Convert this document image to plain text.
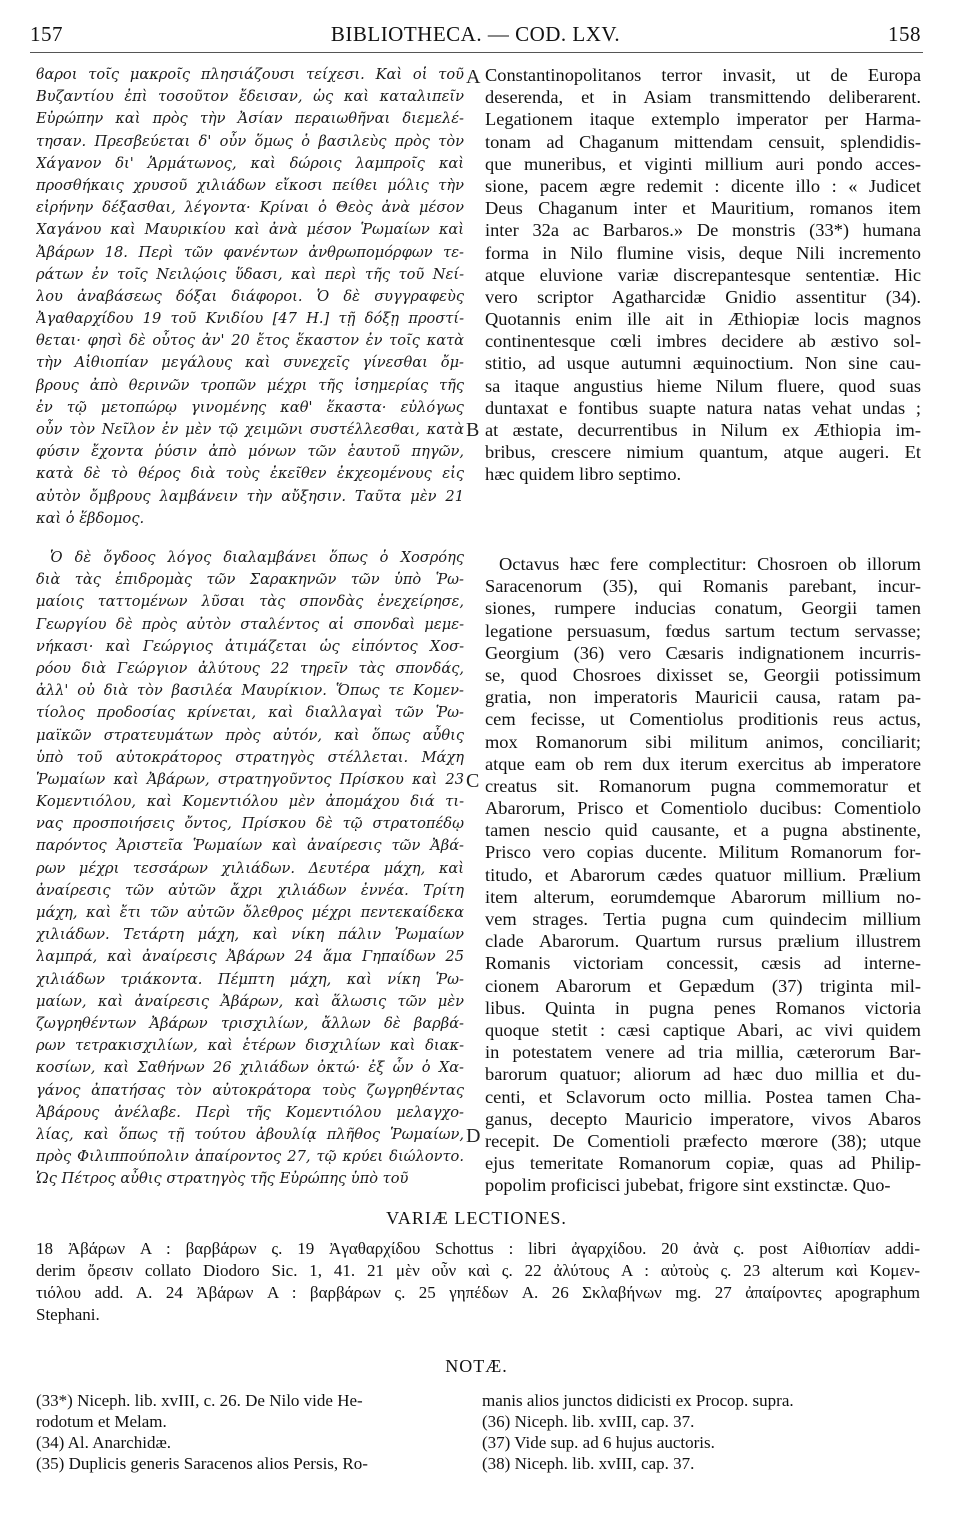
157	BIBLIOTHECA. — COD. LXV.	158
ϐαροι τοῖς μακροῖς πλησιάζουσι τείχεσι. Καὶ οἱ τοῦ
Βυζαντίου ἐπὶ τοσοῦτον ἔδεισαν, ὡς καὶ καταλιπεῖν
Εὐρώπην καὶ πρὸς τὴν Ἀσίαν περαιωθῆναι διεμελέ-
τησαν. Πρεσβεύεται δ' οὖν ὅμως ὁ βασιλεὺς πρὸς τὸν
Χάγανον δι' Ἁρμάτωνος, καὶ δώροις λαμπροῖς καὶ
προσθήκαις χρυσοῦ χιλιάδων εἴκοσι πείθει μόλις τὴν
εἰρήνην δέξασθαι, λέγοντα· Κρίναι ὁ Θεὸς ἀνὰ μέσον
Χαγάνου καὶ Μαυρικίου καὶ ἀνὰ μέσον Ῥωμαίων καὶ
Ἀβάρων 18. Περὶ τῶν φανέντων ἀνθρωπομόρφων τε-
ράτων ἐν τοῖς Νειλῴοις ὕδασι, καὶ περὶ τῆς τοῦ Νεί-
λου ἀναβάσεως δόξαι διάφοροι. Ὁ δὲ συγγραφεὺς
Ἀγαθαρχίδου 19 τοῦ Κνιδίου [47 H.] τῇ δόξῃ προστί-
θεται· φησὶ δὲ οὗτος ἀν' 20 ἔτος ἕκαστον ἐν τοῖς κατὰ
τὴν Αἰθιοπίαν μεγάλους καὶ συνεχεῖς γίνεσθαι ὄμ-
βρους ἀπὸ θερινῶν τροπῶν μέχρι τῆς ἰσημερίας τῆς
ἐν τῷ μετοπώρῳ γινομένης καθ' ἕκαστα· εὐλόγως
οὖν τὸν Νεῖλον ἐν μὲν τῷ χειμῶνι συστέλλεσθαι, κατὰ
φύσιν ἔχοντα ῥύσιν ἀπὸ μόνων τῶν ἑαυτοῦ πηγῶν,
κατὰ δὲ τὸ θέρος διὰ τοὺς ἐκεῖθεν ἐκχεομένους εἰς
αὐτὸν ὄμβρους λαμβάνειν τὴν αὔξησιν. Ταῦτα μὲν 21
καὶ ὁ ἕβδομος.
Constantinopolitanos terror invasit, ut de Europa
deserenda, et in Asiam transmittendo deliberarent.
Legationem itaque extemplo imperator per Harma-
tonam ad Chaganum mittendam censuit, splendidis-
que muneribus, et viginti millium auri pondo acces-
sione, pacem ægre redemit : dicente illo : « Judicet
Deus Chaganum inter et Mauritium, romanos item
inter 32a ac Barbaros.» De monstris (33*) humana
forma in Nilo flumine visis, deque Nili incremento
atque eluvione variæ discrepantesque sententiæ. Hic
vero scriptor Agatharcidæ Gnidio assentitur (34).
Quotannis enim ille ait in Æthiopiæ locis magnos
continentesque cœli imbres decidere ab æstivo sol-
stitio, ad usque autumni æquinoctium. Non sine cau-
sa itaque angustius hieme Nilum fluere, quod suas
duntaxat e fontibus suapte natura natas vehat undas ;
at æstate, decurrentibus in Nilum ex Æthiopia im-
bribus, crescere nimium quantum, atque augeri. Et
hæc quidem libro septimo.
Ὁ δὲ ὄγδοος λόγος διαλαμβάνει ὅπως ὁ Χοσρόης
διὰ τὰς ἐπιδρομὰς τῶν Σαρακηνῶν τῶν ὑπὸ Ῥω-
μαίοις ταττομένων λῦσαι τὰς σπονδὰς ἐνεχείρησε,
Γεωργίου δὲ πρὸς αὐτὸν σταλέντος αἱ σπονδαὶ μεμε-
νήκασι· καὶ Γεώργιος ἀτιμάζεται ὡς εἰπόντος Χοσ-
ρόου διὰ Γεώργιον ἀλύτους 22 τηρεῖν τὰς σπονδάς,
ἀλλ' οὐ διὰ τὸν βασιλέα Μαυρίκιον. Ὅπως τε Κομεν-
τίολος προδοσίας κρίνεται, καὶ διαλλαγαὶ τῶν Ῥω-
μαϊκῶν στρατευμάτων πρὸς αὐτόν, καὶ ὅπως αὖθις
ὑπὸ τοῦ αὐτοκράτορος στρατηγὸς στέλλεται. Μάχη
Ῥωμαίων καὶ Ἀβάρων, στρατηγοῦντος Πρίσκου καὶ 23
Κομεντιόλου, καὶ Κομεντιόλου μὲν ἀπομάχου διά τι-
νας προσποιήσεις ὄντος, Πρίσκου δὲ τῷ στρατοπέδῳ
παρόντος Ἀριστεῖα Ῥωμαίων καὶ ἀναίρεσις τῶν Ἀβά-
ρων μέχρι τεσσάρων χιλιάδων. Δευτέρα μάχη, καὶ
ἀναίρεσις τῶν αὐτῶν ἄχρι χιλιάδων ἐννέα. Τρίτη
μάχη, καὶ ἔτι τῶν αὐτῶν ὄλεθρος μέχρι πεντεκαίδεκα
χιλιάδων. Τετάρτη μάχη, καὶ νίκη πάλιν Ῥωμαίων
λαμπρά, καὶ ἀναίρεσις Ἀβάρων 24 ἅμα Γηπαίδων 25
χιλιάδων τριάκοντα. Πέμπτη μάχη, καὶ νίκη Ῥω-
μαίων, καὶ ἀναίρεσις Ἀβάρων, καὶ ἅλωσις τῶν μὲν
ζωγρηθέντων Ἀβάρων τρισχιλίων, ἄλλων δὲ βαρβά-
ρων τετρακισχιλίων, καὶ ἑτέρων δισχιλίων καὶ διακ-
κοσίων, καὶ Σαθήνων 26 χιλιάδων ὀκτώ· ἐξ ὧν ὁ Χα-
γάνος ἀπατήσας τὸν αὐτοκράτορα τοὺς ζωγρηθέντας
Ἀβάρους ἀνέλαβε. Περὶ τῆς Κομεντιόλου μελαγχο-
λίας, καὶ ὅπως τῇ τούτου ἀβουλίᾳ πλῆθος Ῥωμαίων,
πρὸς Φιλιππούπολιν ἀπαίροντος 27, τῷ κρύει διώλοντο.
Ὡς Πέτρος αὖθις στρατηγὸς τῆς Εὐρώπης ὑπὸ τοῦ
Octavus hæc fere complectitur: Chosroen ob illorum
Saracenorum (35), qui Romanis parebant, incur-
siones, rumpere inducias conatum, Georgii tamen
legatione persuasum, fœdus sartum tectum servasse;
Georgium (36) vero Cæsaris indignationem incurris-
se, quod Chosroes dixisset se, Georgii potissimum
gratia, non imperatoris Mauricii causa, ratam pa-
cem fecisse, ut Comentiolus proditionis reus actus,
mox Romanorum sibi militum animos, conciliarit;
atque eam ob rem dux iterum exercitus ab imperatore
creatus sit. Romanorum pugna commemoratur et
Abarorum, Prisco et Comentiolo ducibus: Comentiolo
tamen nescio quid causante, et a pugna abstinente,
Prisco vero copias ducente. Militum Romanorum for-
titudo, et Abarorum cædes quatuor millium. Prælium
item alterum, eorumdemque Abarorum millium no-
vem strages. Tertia pugna cum quindecim millium
clade Abarorum. Quartum rursus prælium illustrem
Romanis victoriam concessit, cæsis ad interne-
cionem Abarorum et Gepædum (37) triginta mil-
libus. Quinta in pugna penes Romanos victoria
quoque stetit : cæsi captique Abari, ac vivi quidem
in potestatem venere ad tria millia, cæterorum Bar-
barorum quatuor; aliorum ad hæc duo millia et du-
centi, et Sclavorum octo millia. Postea tamen Cha-
ganus, decepto Mauricio imperatore, vivos Abaros
recepit. De Comentioli præfecto mœrore (38); utque
ejus temeritate Romanorum copiæ, quas ad Philip-
popolim proficisci jubebat, frigore sint exstinctæ. Quo-
A
B
C
D
VARIÆ LECTIONES.
18 Ἀβάρων A : βαρβάρων ς. 19 Ἀγαθαρχίδου Schottus : libri ἀγαρχίδου. 20 ἀνὰ ς. post Αἰθιοπίαν addi-
derim ὄρεσιν collato Diodoro Sic. 1, 41. 21 μὲν οὖν καὶ ς. 22 ἀλύτους A : αὐτοὺς ς. 23 alterum καὶ Κομεν-
τιόλου add. A. 24 Ἀβάρων A : βαρβάρων ς. 25 γηπέδων A. 26 Σκλαβήνων mg. 27 ἀπαίροντες apographum
Stephani.
NOTÆ.
(33*) Niceph. lib. xvIII, c. 26. De Nilo vide He-
rodotum et Melam.
(34) Al. Anarchidæ.
(35) Duplicis generis Saracenos alios Persis, Ro-
manis alios junctos didicisti ex Procop. supra.
(36) Niceph. lib. xvIII, cap. 37.
(37) Vide sup. ad 6 hujus auctoris.
(38) Niceph. lib. xvIII, cap. 37.
